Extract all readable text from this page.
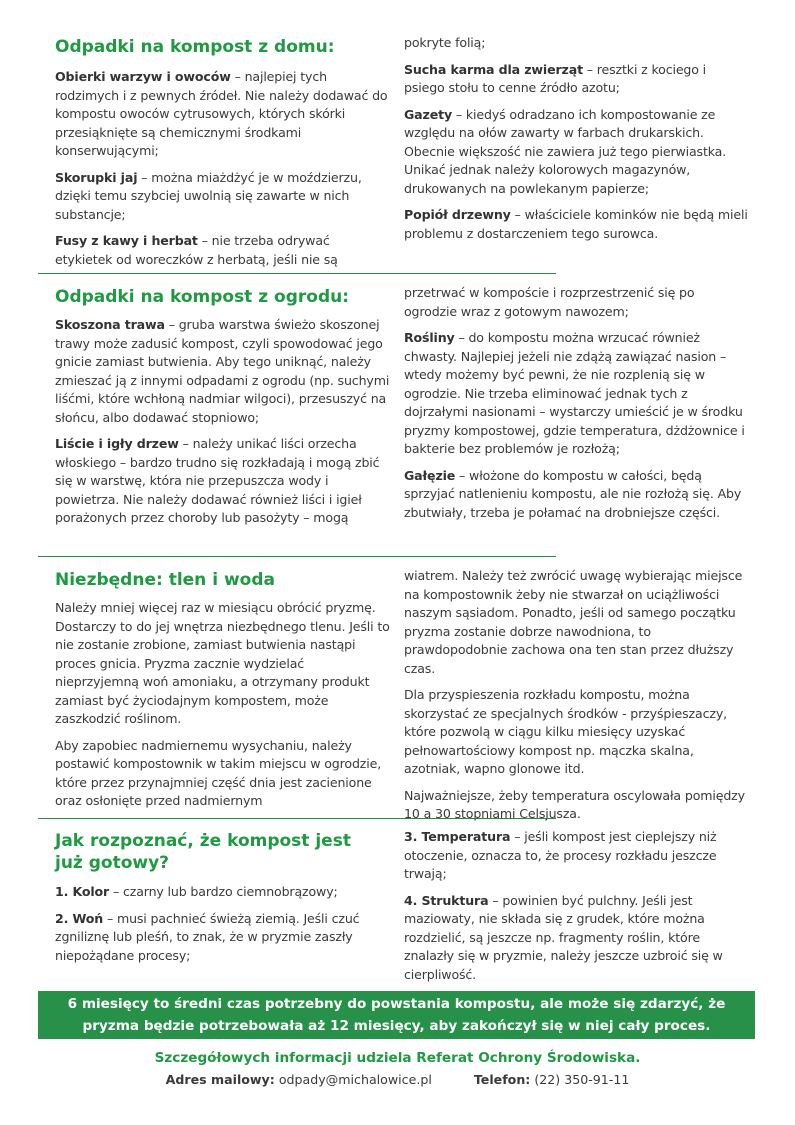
Odpadki na kompost z domu:

Obierki warzyw i owoców – najlepiej tych rodzimych i z pewnych źródeł. Nie należy dodawać do kompostu owoców cytrusowych, których skórki przesiąknięte są chemicznymi środkami konserwującymi;

Skorupki jaj – można miażdżyć je w moździerzu, dzięki temu szybciej uwolnią się zawarte w nich substancje;

Fusy z kawy i herbat – nie trzeba odrywać etykietek od woreczków z herbatą, jeśli nie są

pokryte folią;

Sucha karma dla zwierząt – resztki z kociego i psiego stołu to cenne źródło azotu;

Gazety – kiedyś odradzano ich kompostowanie ze względu na ołów zawarty w farbach drukarskich. Obecnie większość nie zawiera już tego pierwiastka. Unikać jednak należy kolorowych magazynów, drukowanych na powlekanym papierze;

Popiół drzewny – właściciele kominków nie będą mieli problemu z dostarczeniem tego surowca.

Odpadki na kompost z ogrodu:

Skoszona trawa – gruba warstwa świeżo skoszonej trawy może zadusić kompost, czyli spowodować jego gnicie zamiast butwienia. Aby tego uniknąć, należy zmieszać ją z innymi odpadami z ogrodu (np. suchymi liśćmi, które wchłoną nadmiar wilgoci), przesuszyć na słońcu, albo dodawać stopniowo;

Liście i igły drzew – należy unikać liści orzecha włoskiego – bardzo trudno się rozkładają i mogą zbić się w warstwę, która nie przepuszcza wody i powietrza. Nie należy dodawać również liści i igieł porażonych przez choroby lub pasożyty – mogą

przetrwać w kompoście i rozprzestrzenić się po ogrodzie wraz z gotowym nawozem;

Rośliny – do kompostu można wrzucać również chwasty. Najlepiej jeżeli nie zdążą zawiązać nasion – wtedy możemy być pewni, że nie rozplenią się w ogrodzie. Nie trzeba eliminować jednak tych z dojrzałymi nasionami – wystarczy umieścić je w środku pryzmy kompostowej, gdzie temperatura, dżdżownice i bakterie bez problemów je rozłożą;

Gałęzie – włożone do kompostu w całości, będą sprzyjać natlenieniu kompostu, ale nie rozłożą się. Aby zbutwiały, trzeba je połamać na drobniejsze części.

Niezbędne: tlen i woda

Należy mniej więcej raz w miesiącu obrócić pryzmę. Dostarczy to do jej wnętrza niezbędnego tlenu. Jeśli to nie zostanie zrobione, zamiast butwienia nastąpi proces gnicia. Pryzma zacznie wydzielać nieprzyjemną woń amoniaku, a otrzymany produkt zamiast być życiodajnym kompostem, może zaszkodzić roślinom.

Aby zapobiec nadmiernemu wysychaniu, należy postawić kompostownik w takim miejscu w ogrodzie, które przez przynajmniej część dnia jest zacienione oraz osłonięte przed nadmiernym

wiatrem. Należy też zwrócić uwagę wybierając miejsce na kompostownik żeby nie stwarzał on uciążliwości naszym sąsiadom. Ponadto, jeśli od samego początku pryzma zostanie dobrze nawodniona, to prawdopodobnie zachowa ona ten stan przez dłuższy czas.

Dla przyspieszenia rozkładu kompostu, można skorzystać ze specjalnych środków - przyśpieszaczy, które pozwolą w ciągu kilku miesięcy uzyskać pełnowartościowy kompost np. mączka skalna, azotniak, wapno glonowe itd.

Najważniejsze, żeby temperatura oscylowała pomiędzy 10 a 30 stopniami Celsjusza.

Jak rozpoznać, że kompost jest już gotowy?

1. Kolor – czarny lub bardzo ciemnobrązowy;

2. Woń – musi pachnieć świeżą ziemią. Jeśli czuć zgniliznę lub pleśń, to znak, że w pryzmie zaszły niepożądane procesy;

3. Temperatura – jeśli kompost jest cieplejszy niż otoczenie, oznacza to, że procesy rozkładu jeszcze trwają;

4. Struktura – powinien być pulchny. Jeśli jest maziowaty, nie składa się z grudek, które można rozdzielić, są jeszcze np. fragmenty roślin, które znalazły się w pryzmie, należy jeszcze uzbroić się w cierpliwość.

6 miesięcy to średni czas potrzebny do powstania kompostu, ale może się zdarzyć, że pryzma będzie potrzebowała aż 12 miesięcy, aby zakończył się w niej cały proces.
Szczegółowych informacji udziela Referat Ochrony Środowiska.
Adres mailowy: odpady@michalowice.pl	Telefon: (22) 350-91-11
